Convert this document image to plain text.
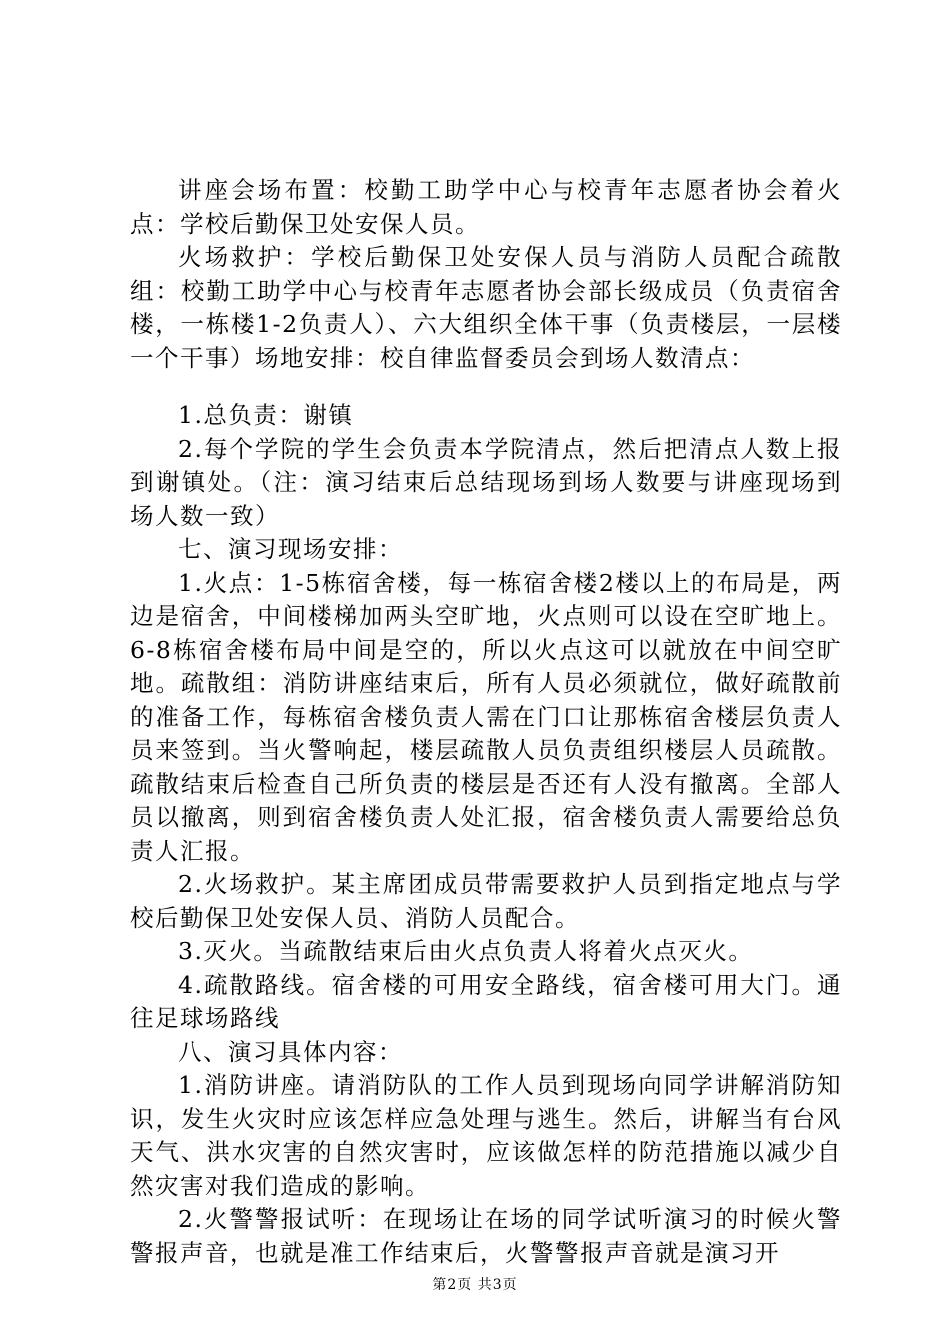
讲座会场布置：校勤工助学中心与校青年志愿者协会着火点：学校后勤保卫处安保人员。

火场救护：学校后勤保卫处安保人员与消防人员配合疏散组：校勤工助学中心与校青年志愿者协会部长级成员（负责宿舍楼，一栋楼1-2负责人）、六大组织全体干事（负责楼层，一层楼一个干事）场地安排：校自律监督委员会到场人数清点：

1.总负责：谢镇

2.每个学院的学生会负责本学院清点，然后把清点人数上报到谢镇处。（注：演习结束后总结现场到场人数要与讲座现场到场人数一致）

七、演习现场安排：

1.火点：1-5栋宿舍楼，每一栋宿舍楼2楼以上的布局是，两边是宿舍，中间楼梯加两头空旷地，火点则可以设在空旷地上。6-8栋宿舍楼布局中间是空的，所以火点这可以就放在中间空旷地。疏散组：消防讲座结束后，所有人员必须就位，做好疏散前的准备工作，每栋宿舍楼负责人需在门口让那栋宿舍楼层负责人员来签到。当火警响起，楼层疏散人员负责组织楼层人员疏散。疏散结束后检查自己所负责的楼层是否还有人没有撤离。全部人员以撤离，则到宿舍楼负责人处汇报，宿舍楼负责人需要给总负责人汇报。

2.火场救护。某主席团成员带需要救护人员到指定地点与学校后勤保卫处安保人员、消防人员配合。

3.灭火。当疏散结束后由火点负责人将着火点灭火。

4.疏散路线。宿舍楼的可用安全路线，宿舍楼可用大门。通往足球场路线

八、演习具体内容：

1.消防讲座。请消防队的工作人员到现场向同学讲解消防知识，发生火灾时应该怎样应急处理与逃生。然后，讲解当有台风天气、洪水灾害的自然灾害时，应该做怎样的防范措施以减少自然灾害对我们造成的影响。

2.火警警报试听：在现场让在场的同学试听演习的时候火警警报声音，也就是准工作结束后，火警警报声音就是演习开

第2页 共3页
